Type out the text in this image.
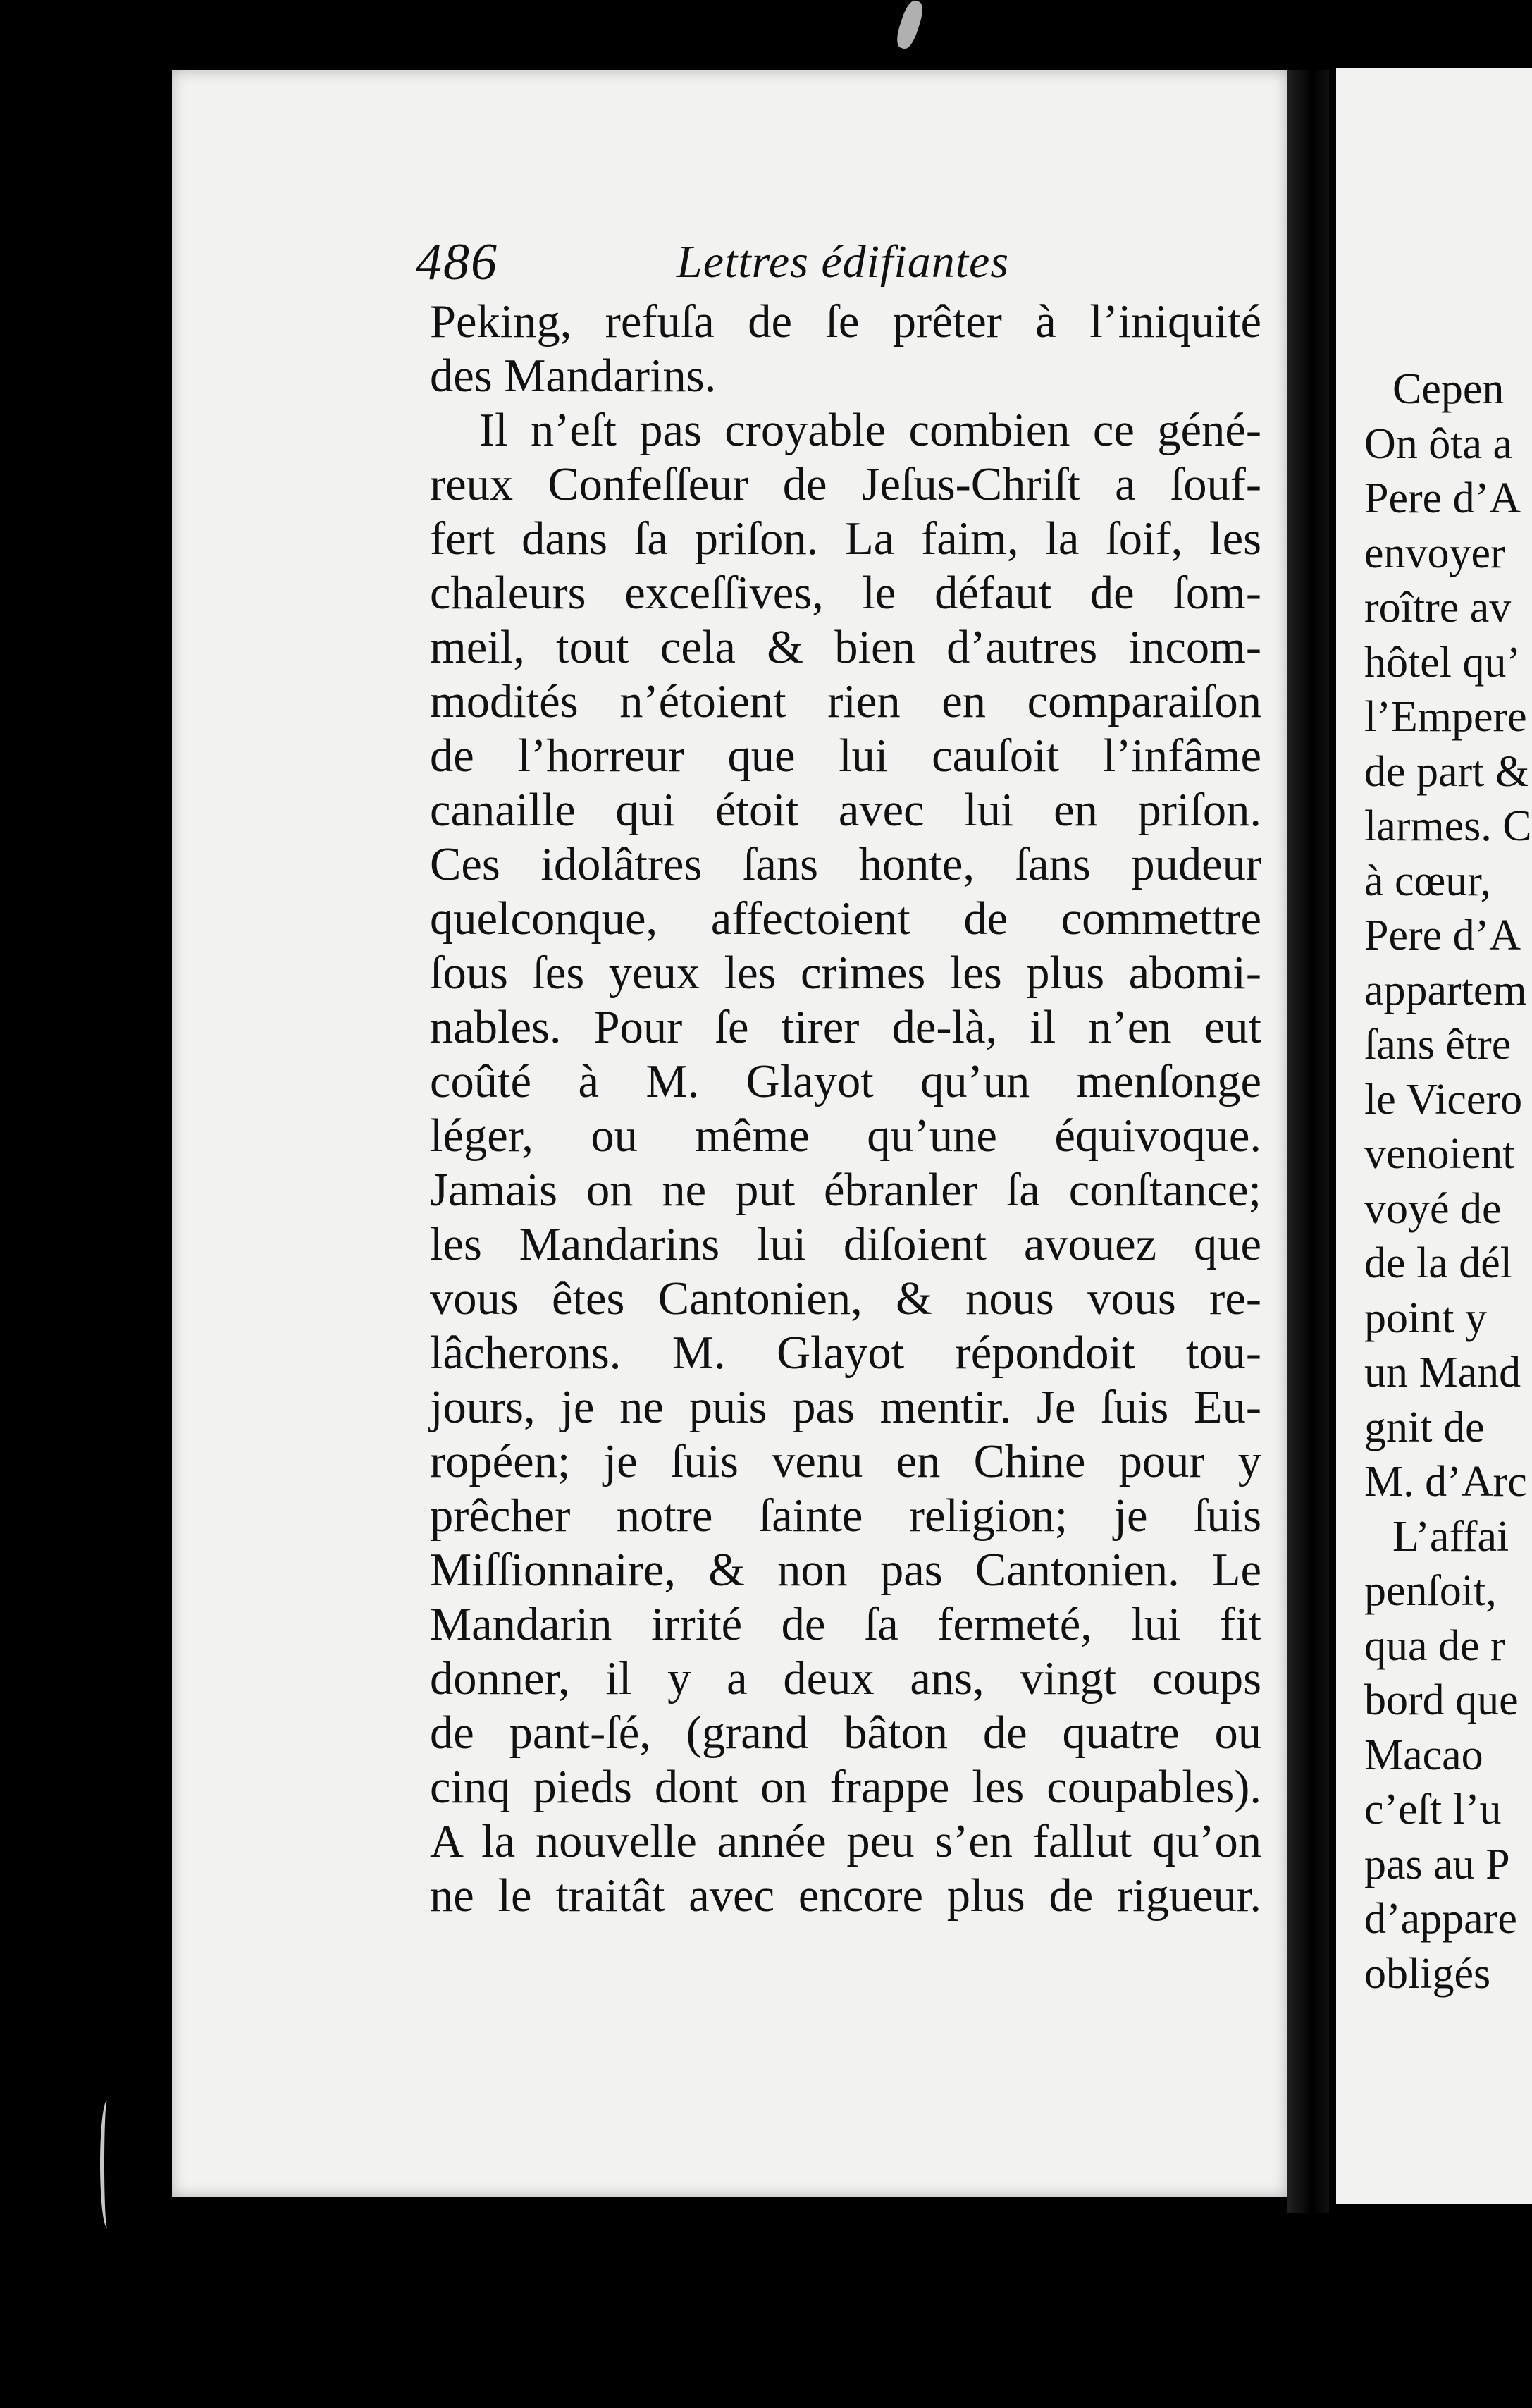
Cepen
On ôta a
Pere d’A
envoyer
roître av
hôtel qu’
l’Empere
de part &
larmes. C
à cœur,
Pere d’A
appartem
ſans être
le Vicero
venoient
voyé de
de la dél
point y
un Mand
gnit de
M. d’Arc
L’affai
penſoit,
qua de r
bord que
Macao
c’eſt l’u
pas au P
d’appare
obligés
486	Lettres édifiantes
Peking, refuſa de ſe prêter à l’iniquité
des Mandarins.
Il n’eſt pas croyable combien ce géné-
reux Confeſſeur de Jeſus-Chriſt a ſouf-
fert dans ſa priſon. La faim, la ſoif, les
chaleurs exceſſives, le défaut de ſom-
meil, tout cela & bien d’autres incom-
modités n’étoient rien en comparaiſon
de l’horreur que lui cauſoit l’infâme
canaille qui étoit avec lui en priſon.
Ces idolâtres ſans honte, ſans pudeur
quelconque, affectoient de commettre
ſous ſes yeux les crimes les plus abomi-
nables. Pour ſe tirer de-là, il n’en eut
coûté à M. Glayot qu’un menſonge
léger, ou même qu’une équivoque.
Jamais on ne put ébranler ſa conſtance;
les Mandarins lui diſoient avouez que
vous êtes Cantonien, & nous vous re-
lâcherons. M. Glayot répondoit tou-
jours, je ne puis pas mentir. Je ſuis Eu-
ropéen; je ſuis venu en Chine pour y
prêcher notre ſainte religion; je ſuis
Miſſionnaire, & non pas Cantonien. Le
Mandarin irrité de ſa fermeté, lui fit
donner, il y a deux ans, vingt coups
de pant-ſé, (grand bâton de quatre ou
cinq pieds dont on frappe les coupables).
A la nouvelle année peu s’en fallut qu’on
ne le traitât avec encore plus de rigueur.
